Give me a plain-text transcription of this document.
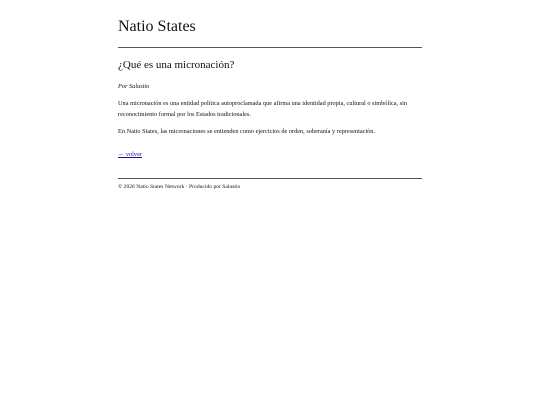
Natio States
¿Qué es una micronación?

Por Salustio

Una micronación es una entidad política autoproclamada que afirma una identidad propia, cultural o simbólica, sin reconocimiento formal por los Estados tradicionales.

En Natio States, las micronaciones se entienden como ejercicios de orden, soberanía y representación.

← volver

© 2026 Natio States Network · Producido por Salustio
